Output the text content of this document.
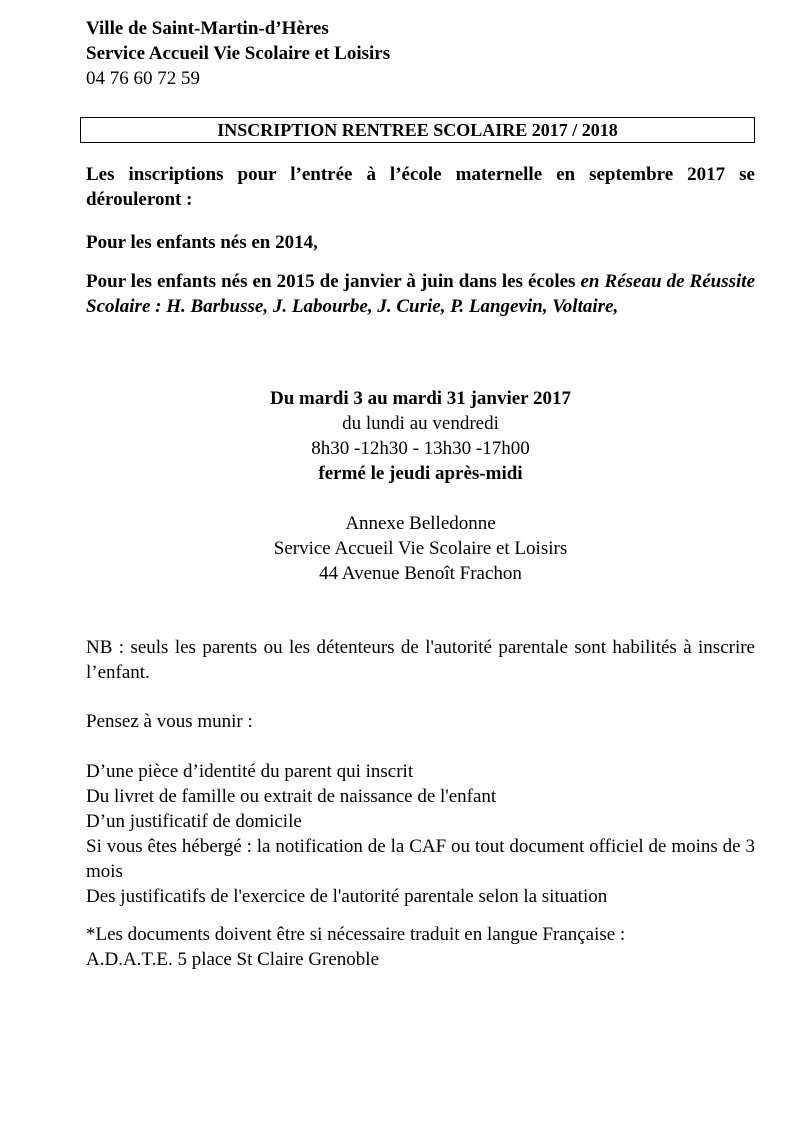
Ville de Saint-Martin-d’Hères
Service Accueil Vie Scolaire et Loisirs
04 76 60 72 59
INSCRIPTION RENTREE SCOLAIRE 2017 / 2018
Les inscriptions pour l’entrée à l’école maternelle en septembre 2017 se dérouleront :
Pour les enfants nés en 2014,
Pour les enfants nés en 2015 de janvier à juin dans les écoles en Réseau de Réussite Scolaire : H. Barbusse, J. Labourbe, J. Curie, P. Langevin, Voltaire,
Du mardi 3 au mardi 31 janvier 2017
du lundi au vendredi
8h30 -12h30 - 13h30 -17h00
fermé le jeudi après-midi
Annexe Belledonne
Service Accueil Vie Scolaire et Loisirs
44 Avenue Benoît Frachon
NB : seuls les parents ou les détenteurs de l'autorité parentale sont habilités à inscrire l’enfant.
Pensez à vous munir :
D’une pièce d’identité du parent qui inscrit
Du livret de famille ou extrait de naissance de l'enfant
D’un justificatif de domicile
Si vous êtes hébergé : la notification de la CAF ou tout document officiel de moins de 3 mois
Des justificatifs de l'exercice de l'autorité parentale selon la situation
*Les documents doivent être si nécessaire traduit en langue Française :
A.D.A.T.E. 5 place St Claire Grenoble
